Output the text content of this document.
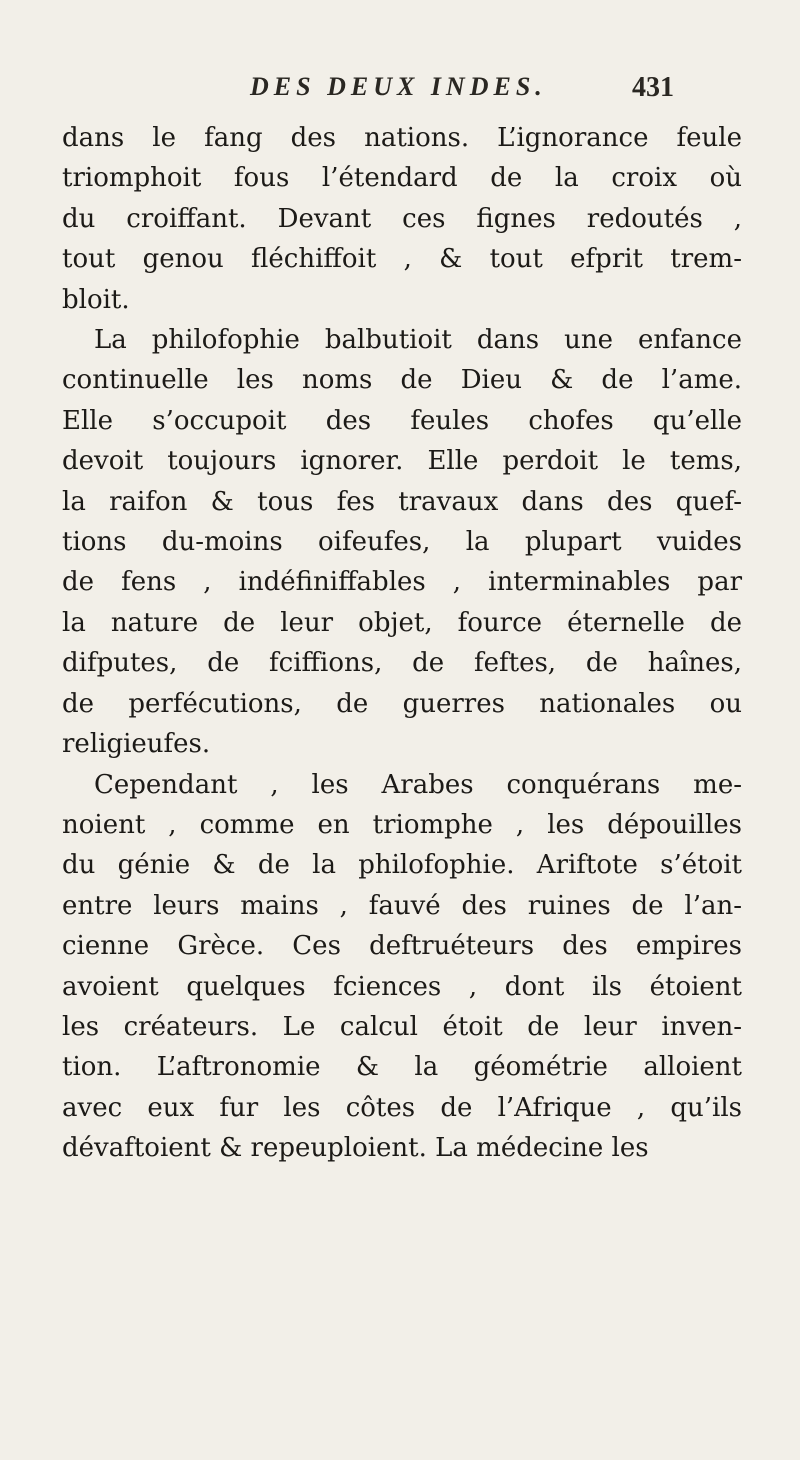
DES DEUX INDES.	431
dans le fang des nations. L’ignorance feule
triomphoit fous l’étendard de la croix où
du croiffant. Devant ces fignes redoutés ,
tout genou fléchiffoit , & tout efprit trem-
bloit.
La philofophie balbutioit dans une enfance
continuelle les noms de Dieu & de l’ame.
Elle s’occupoit des feules chofes qu’elle
devoit toujours ignorer. Elle perdoit le tems,
la raifon & tous fes travaux dans des quef-
tions du-moins oifeufes, la plupart vuides
de fens , indéfiniffables , interminables par
la nature de leur objet, fource éternelle de
difputes, de fciffions, de feftes, de haînes,
de perfécutions, de guerres nationales ou
religieufes.
Cependant , les Arabes conquérans me-
noient , comme en triomphe , les dépouilles
du génie & de la philofophie. Ariftote s’étoit
entre leurs mains , fauvé des ruines de l’an-
cienne Grèce. Ces deftruéteurs des empires
avoient quelques fciences , dont ils étoient
les créateurs. Le calcul étoit de leur inven-
tion. L’aftronomie & la géométrie alloient
avec eux fur les côtes de l’Afrique , qu’ils
dévaftoient & repeuploient. La médecine les
